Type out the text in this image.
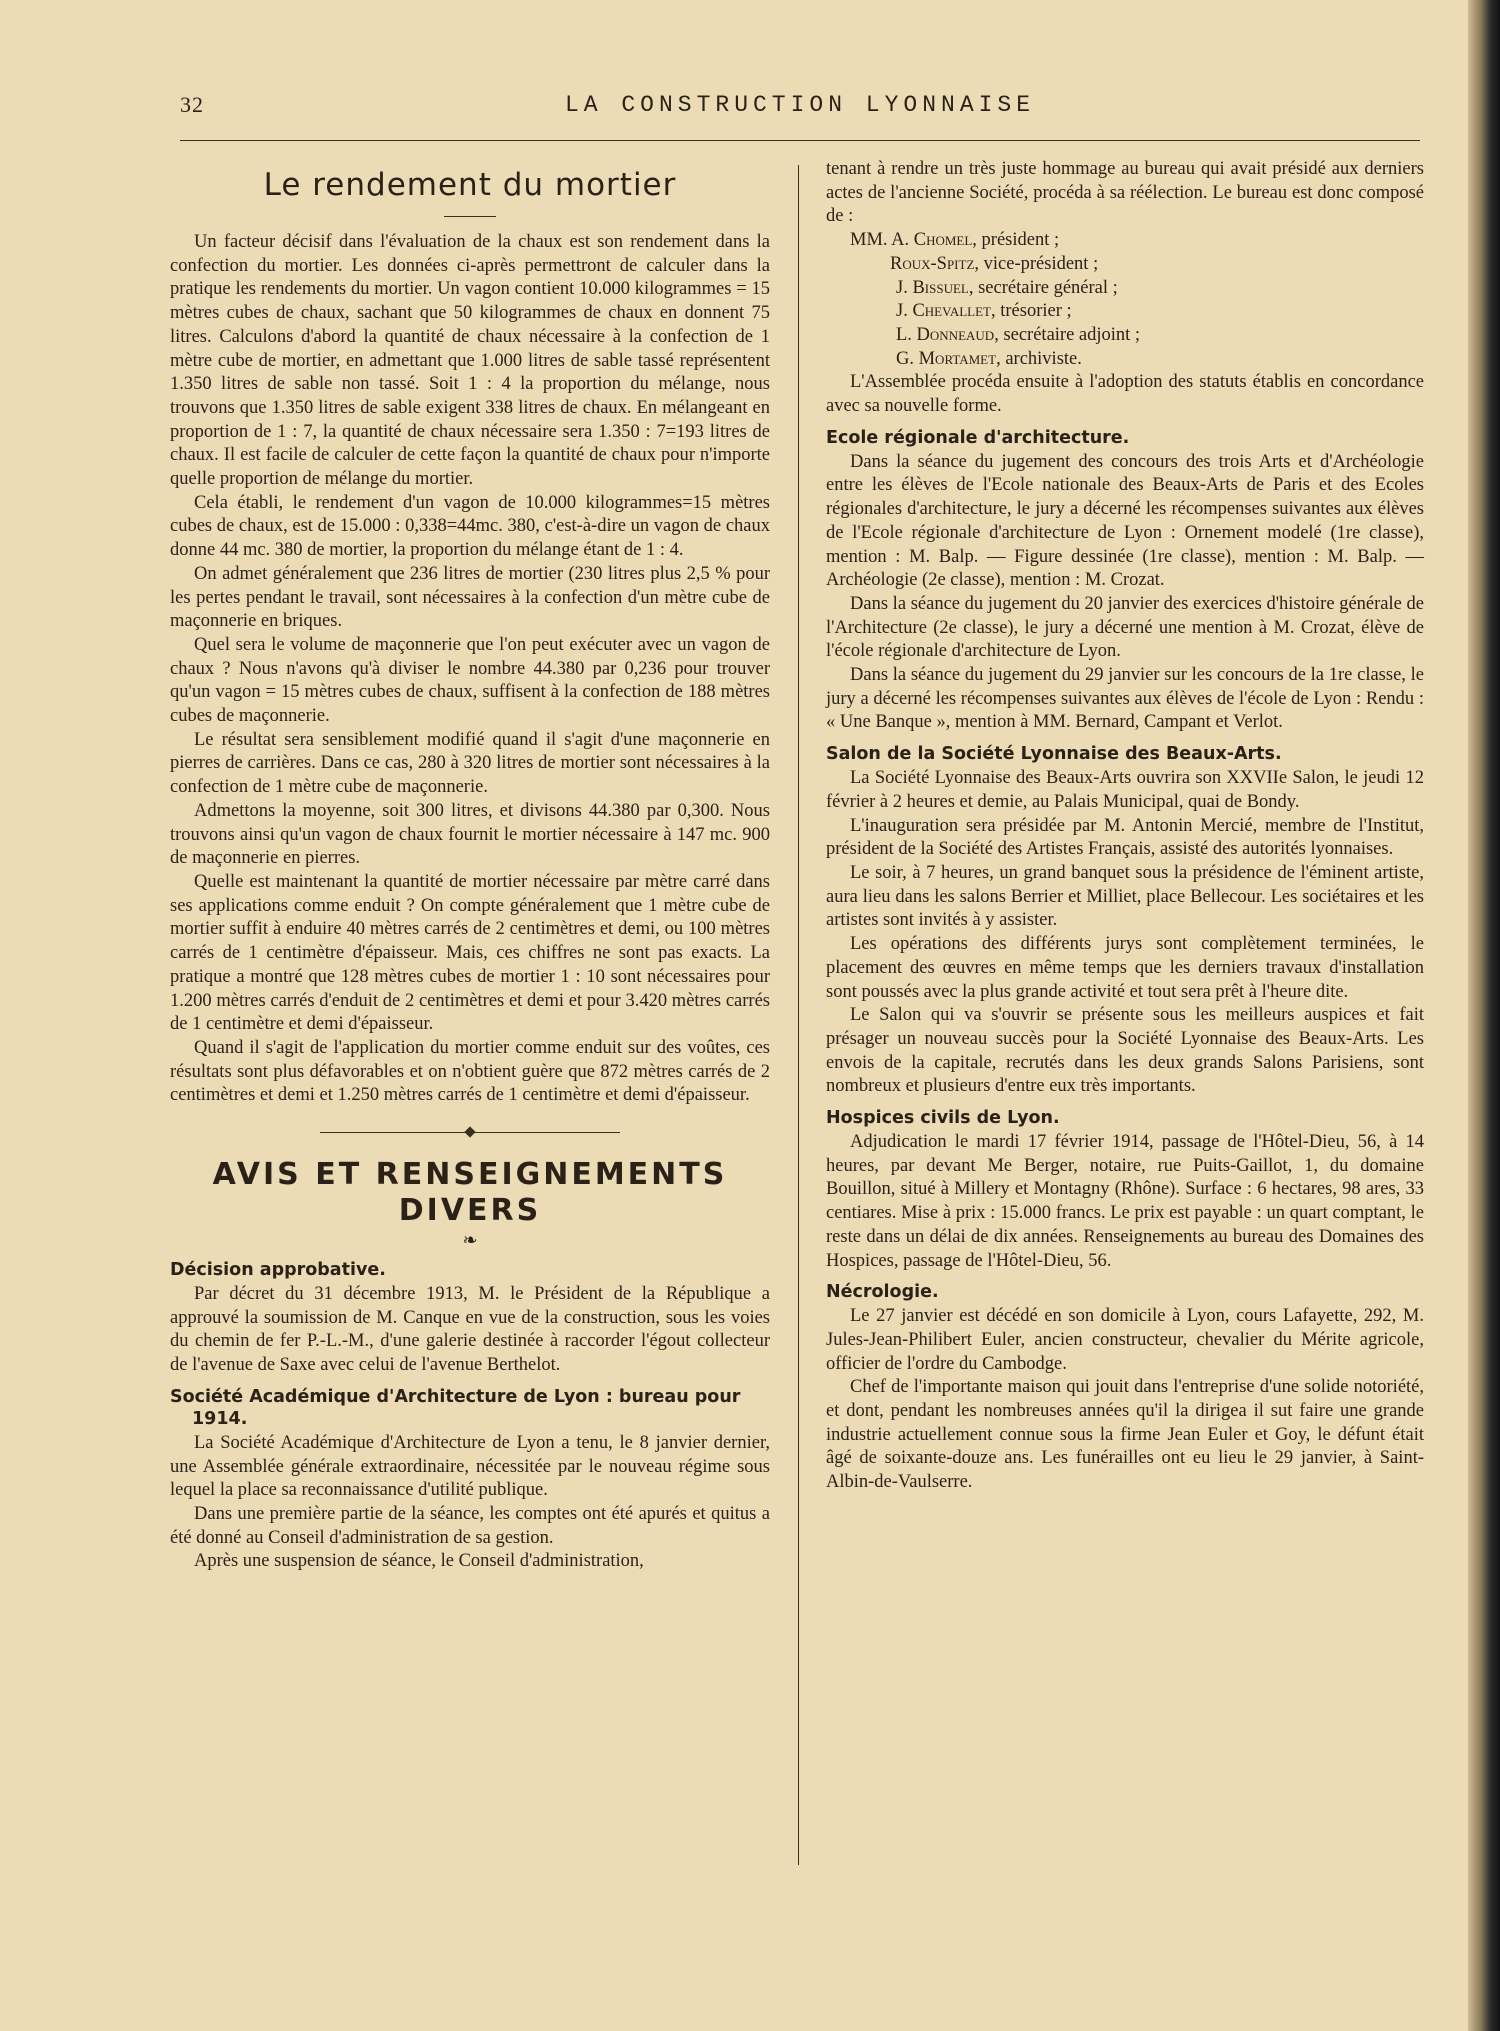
32	LA CONSTRUCTION LYONNAISE
Le rendement du mortier

Un facteur décisif dans l'évaluation de la chaux est son rendement dans la confection du mortier. Les données ci-après permettront de calculer dans la pratique les rendements du mortier. Un vagon contient 10.000 kilogrammes = 15 mètres cubes de chaux, sachant que 50 kilogrammes de chaux en donnent 75 litres. Calculons d'abord la quantité de chaux nécessaire à la confection de 1 mètre cube de mortier, en admettant que 1.000 litres de sable tassé représentent 1.350 litres de sable non tassé. Soit 1 : 4 la proportion du mélange, nous trouvons que 1.350 litres de sable exigent 338 litres de chaux. En mélangeant en proportion de 1 : 7, la quantité de chaux nécessaire sera 1.350 : 7=193 litres de chaux. Il est facile de calculer de cette façon la quantité de chaux pour n'importe quelle proportion de mélange du mortier.

Cela établi, le rendement d'un vagon de 10.000 kilogrammes=15 mètres cubes de chaux, est de 15.000 : 0,338=44mc. 380, c'est-à-dire un vagon de chaux donne 44 mc. 380 de mortier, la proportion du mélange étant de 1 : 4.

On admet généralement que 236 litres de mortier (230 litres plus 2,5 % pour les pertes pendant le travail, sont nécessaires à la confection d'un mètre cube de maçonnerie en briques.

Quel sera le volume de maçonnerie que l'on peut exécuter avec un vagon de chaux ? Nous n'avons qu'à diviser le nombre 44.380 par 0,236 pour trouver qu'un vagon = 15 mètres cubes de chaux, suffisent à la confection de 188 mètres cubes de maçonnerie.

Le résultat sera sensiblement modifié quand il s'agit d'une maçonnerie en pierres de carrières. Dans ce cas, 280 à 320 litres de mortier sont nécessaires à la confection de 1 mètre cube de maçonnerie.

Admettons la moyenne, soit 300 litres, et divisons 44.380 par 0,300. Nous trouvons ainsi qu'un vagon de chaux fournit le mortier nécessaire à 147 mc. 900 de maçonnerie en pierres.

Quelle est maintenant la quantité de mortier nécessaire par mètre carré dans ses applications comme enduit ? On compte généralement que 1 mètre cube de mortier suffit à enduire 40 mètres carrés de 2 centimètres et demi, ou 100 mètres carrés de 1 centimètre d'épaisseur. Mais, ces chiffres ne sont pas exacts. La pratique a montré que 128 mètres cubes de mortier 1 : 10 sont nécessaires pour 1.200 mètres carrés d'enduit de 2 centimètres et demi et pour 3.420 mètres carrés de 1 centimètre et demi d'épaisseur.

Quand il s'agit de l'application du mortier comme enduit sur des voûtes, ces résultats sont plus défavorables et on n'obtient guère que 872 mètres carrés de 2 centimètres et demi et 1.250 mètres carrés de 1 centimètre et demi d'épaisseur.

AVIS ET RENSEIGNEMENTS DIVERS
❧
Décision approbative.

Par décret du 31 décembre 1913, M. le Président de la République a approuvé la soumission de M. Canque en vue de la construction, sous les voies du chemin de fer P.-L.-M., d'une galerie destinée à raccorder l'égout collecteur de l'avenue de Saxe avec celui de l'avenue Berthelot.

Société Académique d'Architecture de Lyon : bureau pour 1914.

La Société Académique d'Architecture de Lyon a tenu, le 8 janvier dernier, une Assemblée générale extraordinaire, nécessitée par le nouveau régime sous lequel la place sa reconnaissance d'utilité publique.

Dans une première partie de la séance, les comptes ont été apurés et quitus a été donné au Conseil d'administration de sa gestion.

Après une suspension de séance, le Conseil d'administration,

tenant à rendre un très juste hommage au bureau qui avait présidé aux derniers actes de l'ancienne Société, procéda à sa réélection. Le bureau est donc composé de :

MM. A. Chomel, président ;
Roux-Spitz, vice-président ;
J. Bissuel, secrétaire général ;
J. Chevallet, trésorier ;
L. Donneaud, secrétaire adjoint ;
G. Mortamet, archiviste.

L'Assemblée procéda ensuite à l'adoption des statuts établis en concordance avec sa nouvelle forme.

Ecole régionale d'architecture.

Dans la séance du jugement des concours des trois Arts et d'Archéologie entre les élèves de l'Ecole nationale des Beaux-Arts de Paris et des Ecoles régionales d'architecture, le jury a décerné les récompenses suivantes aux élèves de l'Ecole régionale d'architecture de Lyon : Ornement modelé (1re classe), mention : M. Balp. — Figure dessinée (1re classe), mention : M. Balp. — Archéologie (2e classe), mention : M. Crozat.

Dans la séance du jugement du 20 janvier des exercices d'histoire générale de l'Architecture (2e classe), le jury a décerné une mention à M. Crozat, élève de l'école régionale d'architecture de Lyon.

Dans la séance du jugement du 29 janvier sur les concours de la 1re classe, le jury a décerné les récompenses suivantes aux élèves de l'école de Lyon : Rendu : « Une Banque », mention à MM. Bernard, Campant et Verlot.

Salon de la Société Lyonnaise des Beaux-Arts.

La Société Lyonnaise des Beaux-Arts ouvrira son XXVIIe Salon, le jeudi 12 février à 2 heures et demie, au Palais Municipal, quai de Bondy.

L'inauguration sera présidée par M. Antonin Mercié, membre de l'Institut, président de la Société des Artistes Français, assisté des autorités lyonnaises.

Le soir, à 7 heures, un grand banquet sous la présidence de l'éminent artiste, aura lieu dans les salons Berrier et Milliet, place Bellecour. Les sociétaires et les artistes sont invités à y assister.

Les opérations des différents jurys sont complètement terminées, le placement des œuvres en même temps que les derniers travaux d'installation sont poussés avec la plus grande activité et tout sera prêt à l'heure dite.

Le Salon qui va s'ouvrir se présente sous les meilleurs auspices et fait présager un nouveau succès pour la Société Lyonnaise des Beaux-Arts. Les envois de la capitale, recrutés dans les deux grands Salons Parisiens, sont nombreux et plusieurs d'entre eux très importants.

Hospices civils de Lyon.

Adjudication le mardi 17 février 1914, passage de l'Hôtel-Dieu, 56, à 14 heures, par devant Me Berger, notaire, rue Puits-Gaillot, 1, du domaine Bouillon, situé à Millery et Montagny (Rhône). Surface : 6 hectares, 98 ares, 33 centiares. Mise à prix : 15.000 francs. Le prix est payable : un quart comptant, le reste dans un délai de dix années. Renseignements au bureau des Domaines des Hospices, passage de l'Hôtel-Dieu, 56.

Nécrologie.

Le 27 janvier est décédé en son domicile à Lyon, cours Lafayette, 292, M. Jules-Jean-Philibert Euler, ancien constructeur, chevalier du Mérite agricole, officier de l'ordre du Cambodge.

Chef de l'importante maison qui jouit dans l'entreprise d'une solide notoriété, et dont, pendant les nombreuses années qu'il la dirigea il sut faire une grande industrie actuellement connue sous la firme Jean Euler et Goy, le défunt était âgé de soixante-douze ans. Les funérailles ont eu lieu le 29 janvier, à Saint-Albin-de-Vaulserre.
